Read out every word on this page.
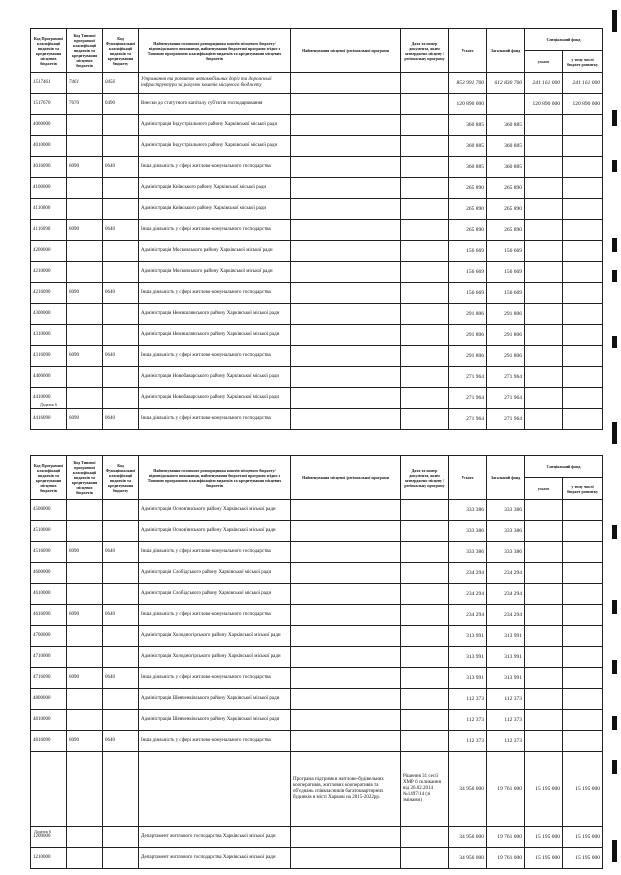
Код Програмної класифікації видатків та кредитування місцевих бюджетів	Код Типової програмної класифікації видатків та кредитування місцевих бюджетів	Код Функціональної класифікації видатків та кредитування бюджету	Найменування головного розпорядника коштів місцевого бюджету/відповідального виконавця, найменування бюджетної програми згідно з Типовою програмною класифікацією видатків та кредитування місцевих бюджетів	Найменування місцевої /регіональної програми	Дата та номер документа, яким затверджено місцеву /регіональну програму	Усього	Загальний фонд	Спеціальний фонд	
								усього	у тому числі бюджет розвитку
1517461	7461	0456	Утримання та розвиток автомобільних доріг та дорожньої інфраструктури за рахунок коштів місцевого бюджету			853 991 700	612 830 700	241 161 000	241 161 000
1517670	7670	0490	Внески до статутного капіталу суб'єктів господарювання			120 890 000		120 890 000	120 890 000
4000000			Адміністрація Індустріального району Харківської міської ради			360 885	360 885		
4010000			Адміністрація Індустріального району Харківської міської ради			360 885	360 885		
4016090	6090	0640	Інша діяльність у сфері житлово-комунального господарства			360 885	360 885		
4100000			Адміністрація Київського району Харківської міської ради			265 890	265 890		
4110000			Адміністрація Київського району Харківської міської ради			265 890	265 890		
4116090	6090	0640	Інша діяльність у сфері житлово-комунального господарства			265 890	265 890		
4200000			Адміністрація Московського району Харківської міської ради			156 669	156 669		
4210000			Адміністрація Московського району Харківської міської ради			156 669	156 669		
4216090	6090	0640	Інша діяльність у сфері житлово-комунального господарства			156 669	156 669		
4300000			Адміністрація Немишлянського району Харківської міської ради			291 806	291 806		
4310000			Адміністрація Немишлянського району Харківської міської ради			291 806	291 806		
4316090	6090	0640	Інша діяльність у сфері житлово-комунального господарства			291 806	291 806		
4400000			Адміністрація Новобаварського району Харківської міської ради			271 964	271 964		
4410000			Адміністрація Новобаварського району Харківської міської ради			271 964	271 964		
4416090	6090	0640	Інша діяльність у сфері житлово-комунального господарства			271 964	271 964		
Додаток 6
Код Програмної класифікації видатків та кредитування місцевих бюджетів	Код Типової програмної класифікації видатків та кредитування місцевих бюджетів	Код Функціональної класифікації видатків та кредитування бюджету	Найменування головного розпорядника коштів місцевого бюджету/відповідального виконавця, найменування бюджетної програми згідно з Типовою програмною класифікацією видатків та кредитування місцевих бюджетів	Найменування місцевої /регіональної програми	Дата та номер документа, яким затверджено місцеву /регіональну програму	Усього	Загальний фонд	Спеціальний фонд	
								усього	у тому числі бюджет розвитку
4500000			Адміністрація Основ'янського району Харківської міської ради			333 386	333 386		
4510000			Адміністрація Основ'янського району Харківської міської ради			333 386	333 386		
4516090	6090	0640	Інша діяльність у сфері житлово-комунального господарства			333 386	333 386		
4600000			Адміністрація Слобідського району Харківської міської ради			234 294	234 294		
4610000			Адміністрація Слобідського району Харківської міської ради			234 294	234 294		
4616090	6090	0640	Інша діяльність у сфері житлово-комунального господарства			234 294	234 294		
4700000			Адміністрація Холодногірського району Харківської міської ради			313 991	313 991		
4710000			Адміністрація Холодногірського району Харківської міської ради			313 991	313 991		
4716090	6090	0640	Інша діяльність у сфері житлово-комунального господарства			313 991	313 991		
4800000			Адміністрація Шевченківського району Харківської міської ради			112 373	112 373		
4810000			Адміністрація Шевченківського району Харківської міської ради			112 373	112 373		
4816090	6090	0640	Інша діяльність у сфері житлово-комунального господарства			112 373	112 373		
				Програма підтримки житлово-будівельних кооперативів, житлових кооперативів та об'єднань співвласників багатоквартирних будинків в місті Харкові на 2015-2022рр.	Рішення 31 сесії ХМР 6 скликання від 26.02.2014 №1497/14 (зі змінами)	34 956 000	19 761 000	15 195 000	15 195 000
1200000			Департамент житлового господарства Харківської міської ради			34 956 000	19 761 000	15 195 000	15 195 000
1210000			Департамент житлового господарства Харківської міської ради			34 956 000	19 761 000	15 195 000	15 195 000
Додаток 6
